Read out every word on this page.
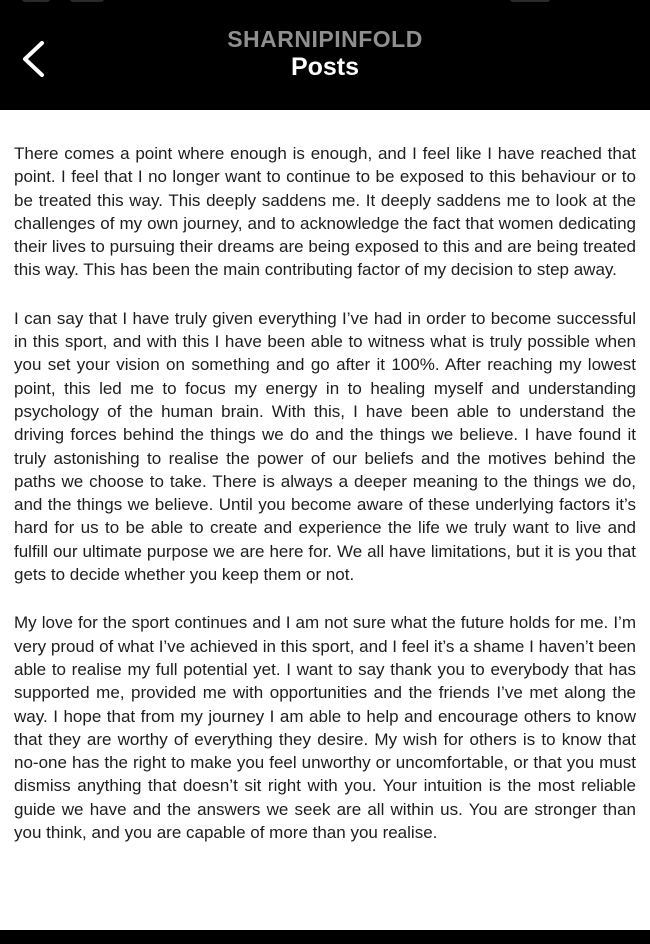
SHARNIPINFOLD
Posts

There comes a point where enough is enough, and I feel like I have reached that point. I feel that I no longer want to continue to be exposed to this behaviour or to be treated this way. This deeply saddens me. It deeply saddens me to look at the challenges of my own journey, and to acknowledge the fact that women dedicating their lives to pursuing their dreams are being exposed to this and are being treated this way. This has been the main contributing factor of my decision to step away.

I can say that I have truly given everything I’ve had in order to become successful in this sport, and with this I have been able to witness what is truly possible when you set your vision on something and go after it 100%. After reaching my lowest point, this led me to focus my energy in to healing myself and understanding psychology of the human brain. With this, I have been able to understand the driving forces behind the things we do and the things we believe. I have found it truly astonishing to realise the power of our beliefs and the motives behind the paths we choose to take. There is always a deeper meaning to the things we do, and the things we believe. Until you become aware of these underlying factors it’s hard for us to be able to create and experience the life we truly want to live and fulfill our ultimate purpose we are here for. We all have limitations, but it is you that gets to decide whether you keep them or not.

My love for the sport continues and I am not sure what the future holds for me. I’m very proud of what I’ve achieved in this sport, and I feel it’s a shame I haven’t been able to realise my full potential yet. I want to say thank you to everybody that has supported me, provided me with opportunities and the friends I’ve met along the way. I hope that from my journey I am able to help and encourage others to know that they are worthy of everything they desire. My wish for others is to know that no-one has the right to make you feel unworthy or uncomfortable, or that you must dismiss anything that doesn’t sit right with you. Your intuition is the most reliable guide we have and the answers we seek are all within us. You are stronger than you think, and you are capable of more than you realise.
